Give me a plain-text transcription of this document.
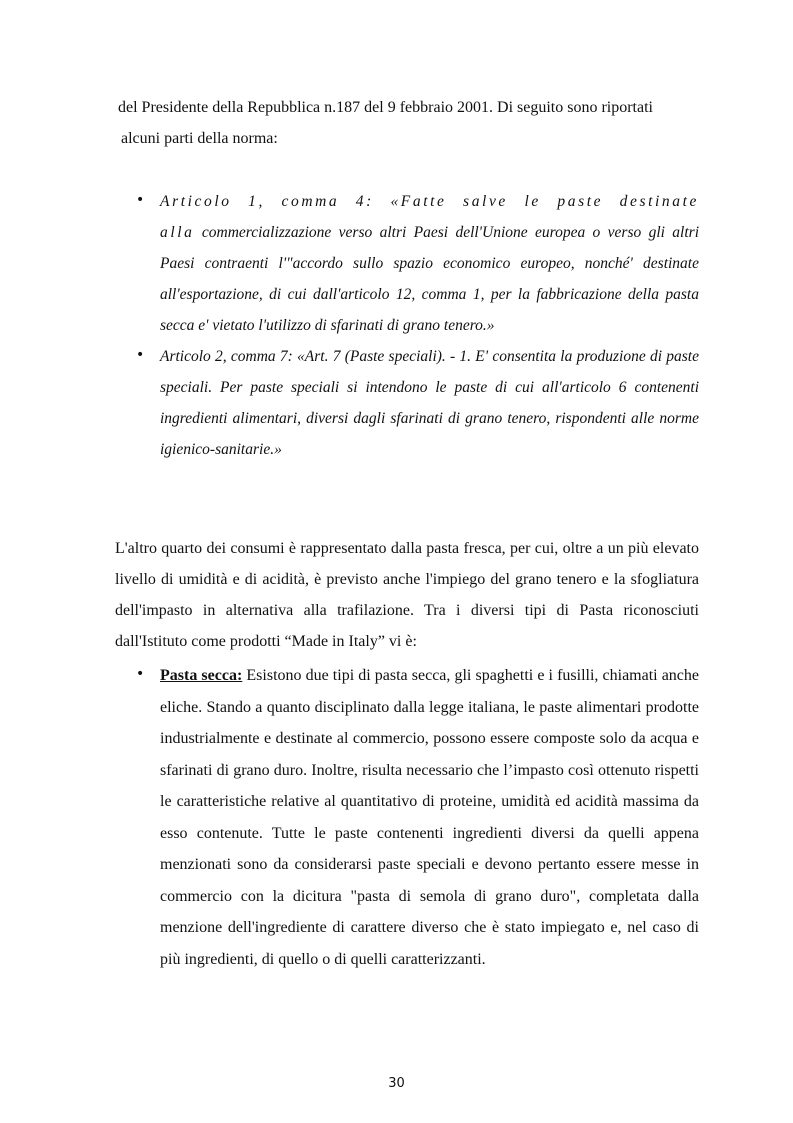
del Presidente della Repubblica n.187 del 9 febbraio 2001. Di seguito sono riportati
alcuni parti della norma:
• Articolo 1, comma 4: «Fatte salve le paste destinate alla commercializzazione verso altri Paesi dell'Unione europea o verso gli altri Paesi contraenti l'"accordo sullo spazio economico europeo, nonché' destinate all'esportazione, di cui dall'articolo 12, comma 1, per la fabbricazione della pasta secca e' vietato l'utilizzo di sfarinati di grano tenero.»
• Articolo 2, comma 7: «Art. 7 (Paste speciali). - 1. E' consentita la produzione di paste speciali. Per paste speciali si intendono le paste di cui all'articolo 6 contenenti ingredienti alimentari, diversi dagli sfarinati di grano tenero, rispondenti alle norme igienico-sanitarie.»
L'altro quarto dei consumi è rappresentato dalla pasta fresca, per cui, oltre a un più elevato livello di umidità e di acidità, è previsto anche l'impiego del grano tenero e la sfogliatura dell'impasto in alternativa alla trafilazione. Tra i diversi tipi di Pasta riconosciuti dall'Istituto come prodotti “Made in Italy” vi è:
• Pasta secca: Esistono due tipi di pasta secca, gli spaghetti e i fusilli, chiamati anche eliche. Stando a quanto disciplinato dalla legge italiana, le paste alimentari prodotte industrialmente e destinate al commercio, possono essere composte solo da acqua e sfarinati di grano duro. Inoltre, risulta necessario che l’impasto così ottenuto rispetti le caratteristiche relative al quantitativo di proteine, umidità ed acidità massima da esso contenute. Tutte le paste contenenti ingredienti diversi da quelli appena menzionati sono da considerarsi paste speciali e devono pertanto essere messe in commercio con la dicitura "pasta di semola di grano duro", completata dalla menzione dell'ingrediente di carattere diverso che è stato impiegato e, nel caso di più ingredienti, di quello o di quelli caratterizzanti.
30
